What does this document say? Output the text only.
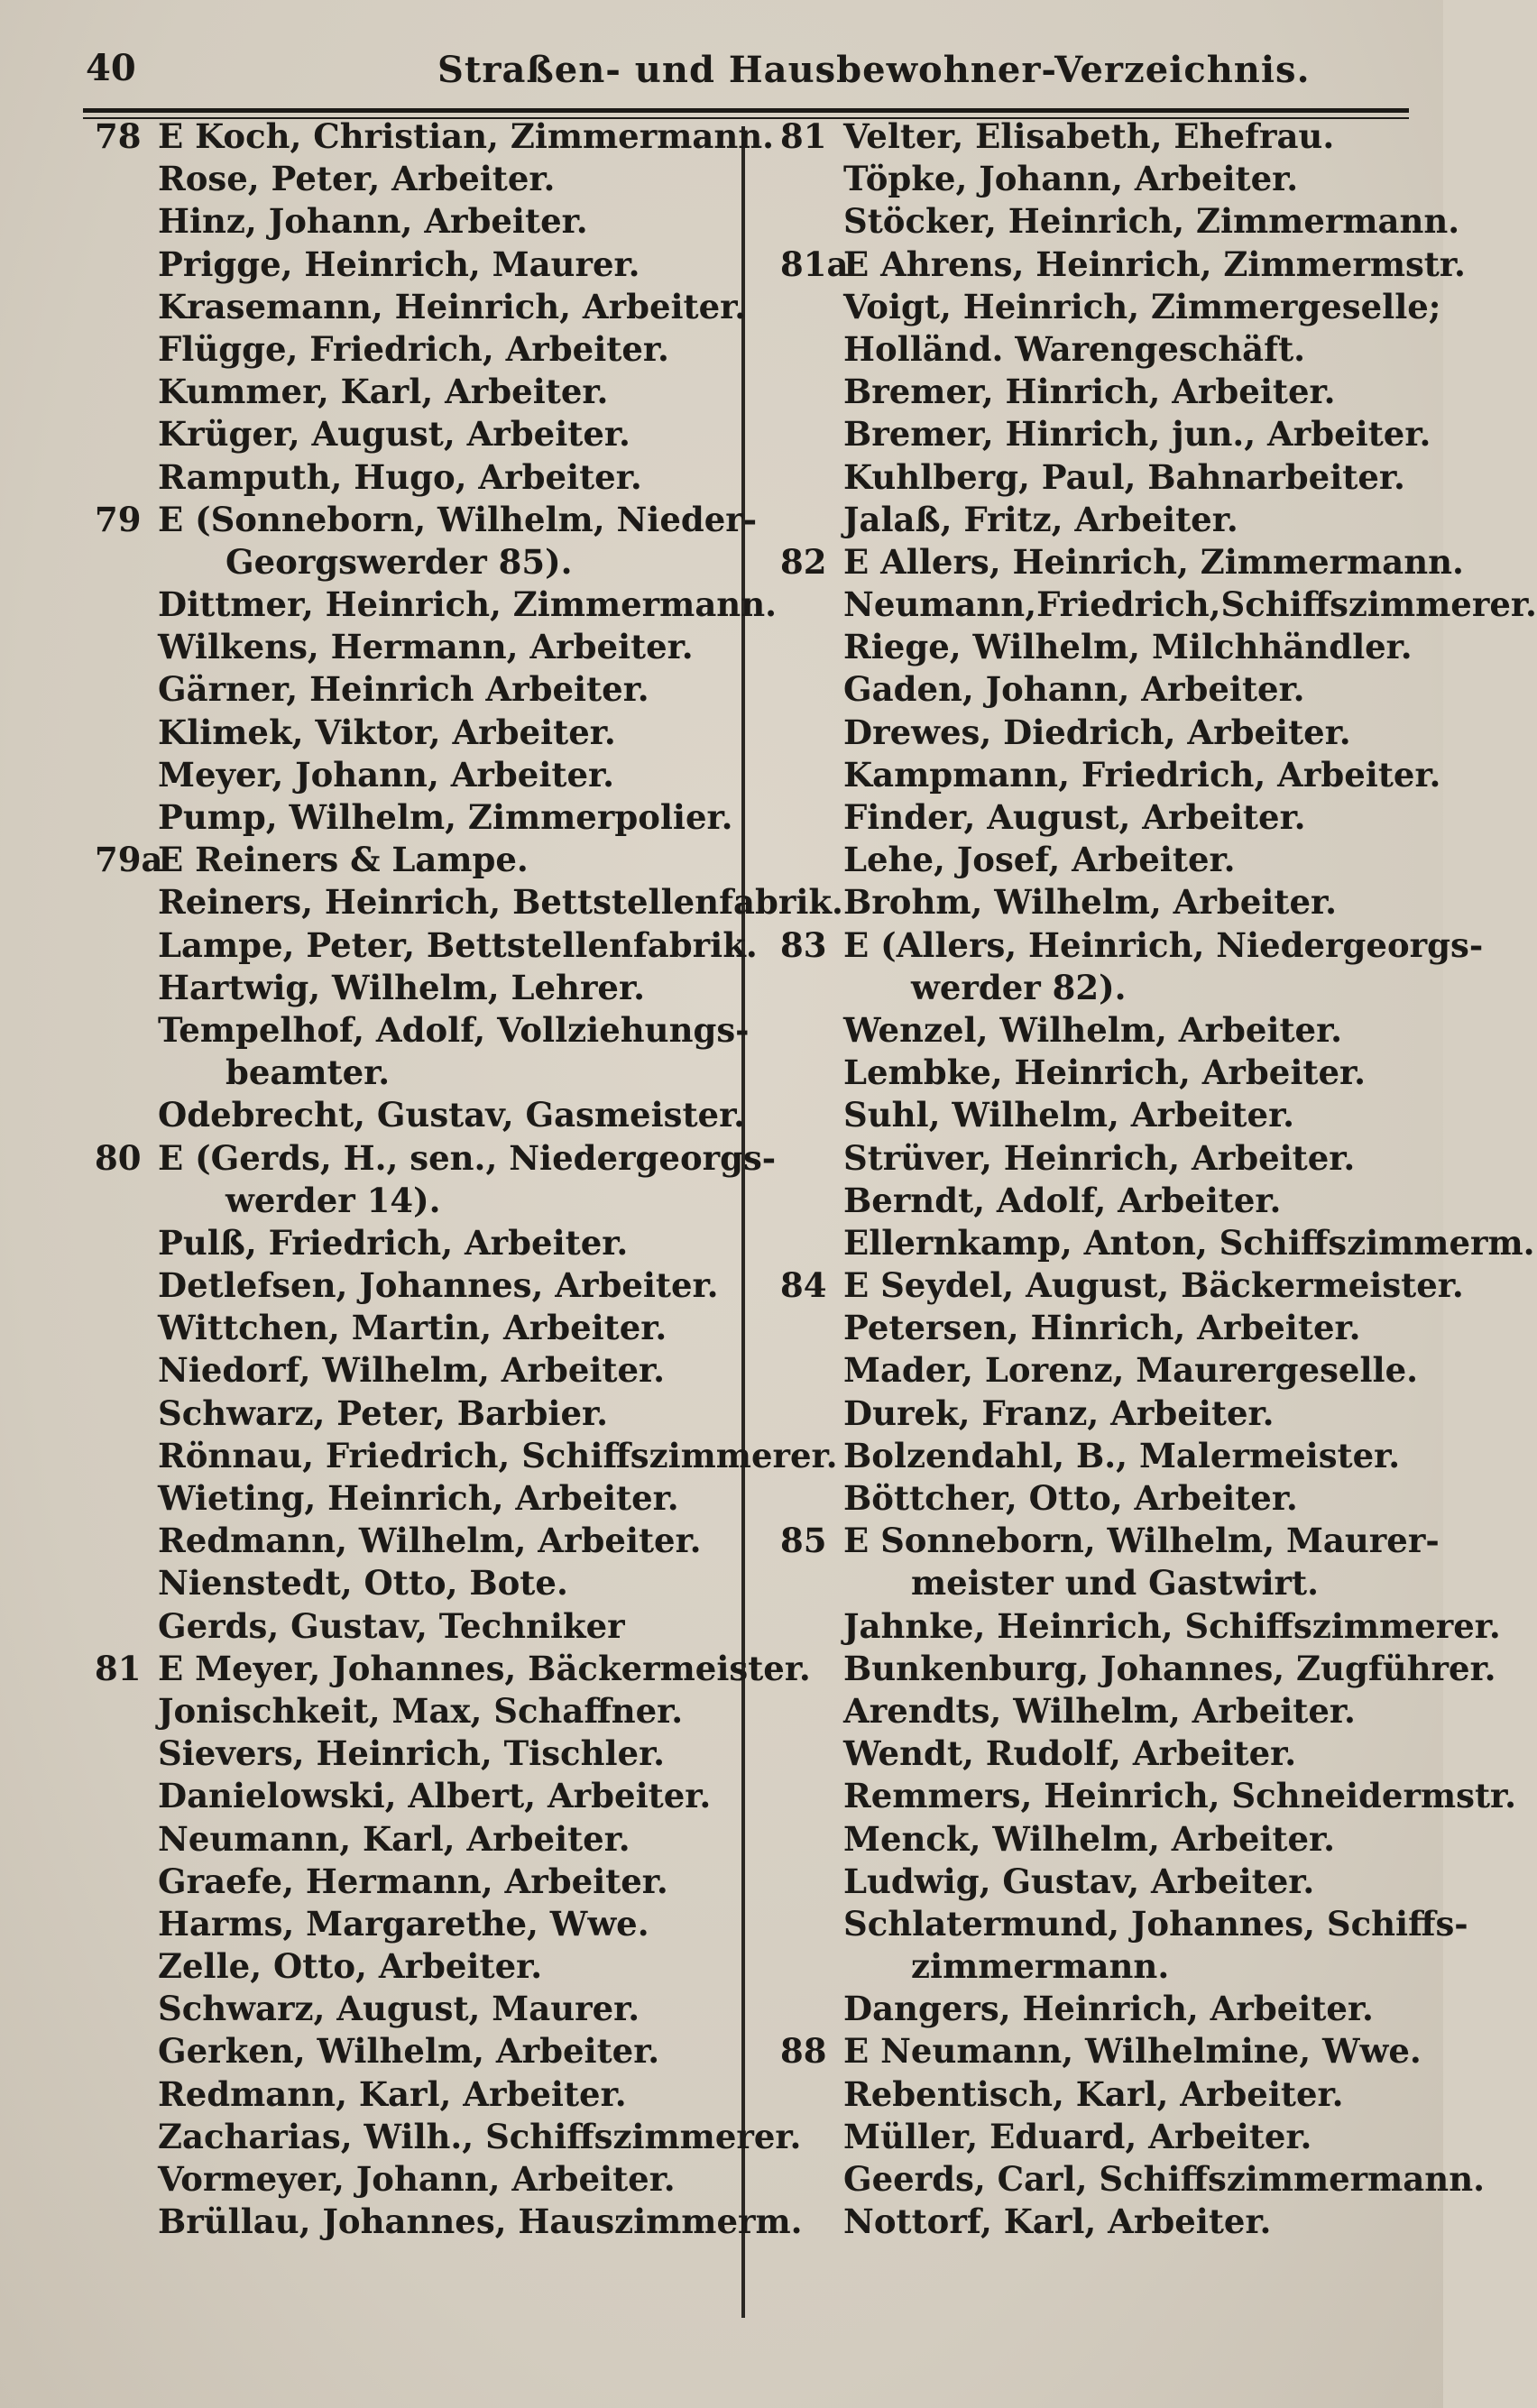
40	Straßen- und Hausbewohner-Verzeichnis.
78 E Koch, Christian, Zimmermann.
Rose, Peter, Arbeiter.
Hinz, Johann, Arbeiter.
Prigge, Heinrich, Maurer.
Krasemann, Heinrich, Arbeiter.
Flügge, Friedrich, Arbeiter.
Kummer, Karl, Arbeiter.
Krüger, August, Arbeiter.
Ramputh, Hugo, Arbeiter.
79 E (Sonneborn, Wilhelm, Nieder-
Georgswerder 85).
Dittmer, Heinrich, Zimmermann.
Wilkens, Hermann, Arbeiter.
Gärner, Heinrich Arbeiter.
Klimek, Viktor, Arbeiter.
Meyer, Johann, Arbeiter.
Pump, Wilhelm, Zimmerpolier.
79a
E Reiners & Lampe.
Reiners, Heinrich, Bettstellenfabrik.
Lampe, Peter, Bettstellenfabrik.
Hartwig, Wilhelm, Lehrer.
Tempelhof, Adolf, Vollziehungs-
beamter.
Odebrecht, Gustav, Gasmeister.
80 E (Gerds, H., sen., Niedergeorgs-
werder 14).
Pulß, Friedrich, Arbeiter.
Detlefsen, Johannes, Arbeiter.
Wittchen, Martin, Arbeiter.
Niedorf, Wilhelm, Arbeiter.
Schwarz, Peter, Barbier.
Rönnau, Friedrich, Schiffszimmerer.
Wieting, Heinrich, Arbeiter.
Redmann, Wilhelm, Arbeiter.
Nienstedt, Otto, Bote.
Gerds, Gustav, Techniker
81 E Meyer, Johannes, Bäckermeister.
Jonischkeit, Max, Schaffner.
Sievers, Heinrich, Tischler.
Danielowski, Albert, Arbeiter.
Neumann, Karl, Arbeiter.
Graefe, Hermann, Arbeiter.
Harms, Margarethe, Wwe.
Zelle, Otto, Arbeiter.
Schwarz, August, Maurer.
Gerken, Wilhelm, Arbeiter.
Redmann, Karl, Arbeiter.
Zacharias, Wilh., Schiffszimmerer.
Vormeyer, Johann, Arbeiter.
Brüllau, Johannes, Hauszimmerm.
81 Velter, Elisabeth, Ehefrau.
Töpke, Johann, Arbeiter.
Stöcker, Heinrich, Zimmermann.
81a
E Ahrens, Heinrich, Zimmermstr.
Voigt, Heinrich, Zimmergeselle;
Holländ. Warengeschäft.
Bremer, Hinrich, Arbeiter.
Bremer, Hinrich, jun., Arbeiter.
Kuhlberg, Paul, Bahnarbeiter.
Jalaß, Fritz, Arbeiter.
82 E Allers, Heinrich, Zimmermann.
Neumann,Friedrich,Schiffszimmerer.
Riege, Wilhelm, Milchhändler.
Gaden, Johann, Arbeiter.
Drewes, Diedrich, Arbeiter.
Kampmann, Friedrich, Arbeiter.
Finder, August, Arbeiter.
Lehe, Josef, Arbeiter.
Brohm, Wilhelm, Arbeiter.
83 E (Allers, Heinrich, Niedergeorgs-
werder 82).
Wenzel, Wilhelm, Arbeiter.
Lembke, Heinrich, Arbeiter.
Suhl, Wilhelm, Arbeiter.
Strüver, Heinrich, Arbeiter.
Berndt, Adolf, Arbeiter.
Ellernkamp, Anton, Schiffszimmerm.
84 E Seydel, August, Bäckermeister.
Petersen, Hinrich, Arbeiter.
Mader, Lorenz, Maurergeselle.
Durek, Franz, Arbeiter.
Bolzendahl, B., Malermeister.
Böttcher, Otto, Arbeiter.
85 E Sonneborn, Wilhelm, Maurer-
meister und Gastwirt.
Jahnke, Heinrich, Schiffszimmerer.
Bunkenburg, Johannes, Zugführer.
Arendts, Wilhelm, Arbeiter.
Wendt, Rudolf, Arbeiter.
Remmers, Heinrich, Schneidermstr.
Menck, Wilhelm, Arbeiter.
Ludwig, Gustav, Arbeiter.
Schlatermund, Johannes, Schiffs-
zimmermann.
Dangers, Heinrich, Arbeiter.
88 E Neumann, Wilhelmine, Wwe.
Rebentisch, Karl, Arbeiter.
Müller, Eduard, Arbeiter.
Geerds, Carl, Schiffszimmermann.
Nottorf, Karl, Arbeiter.
